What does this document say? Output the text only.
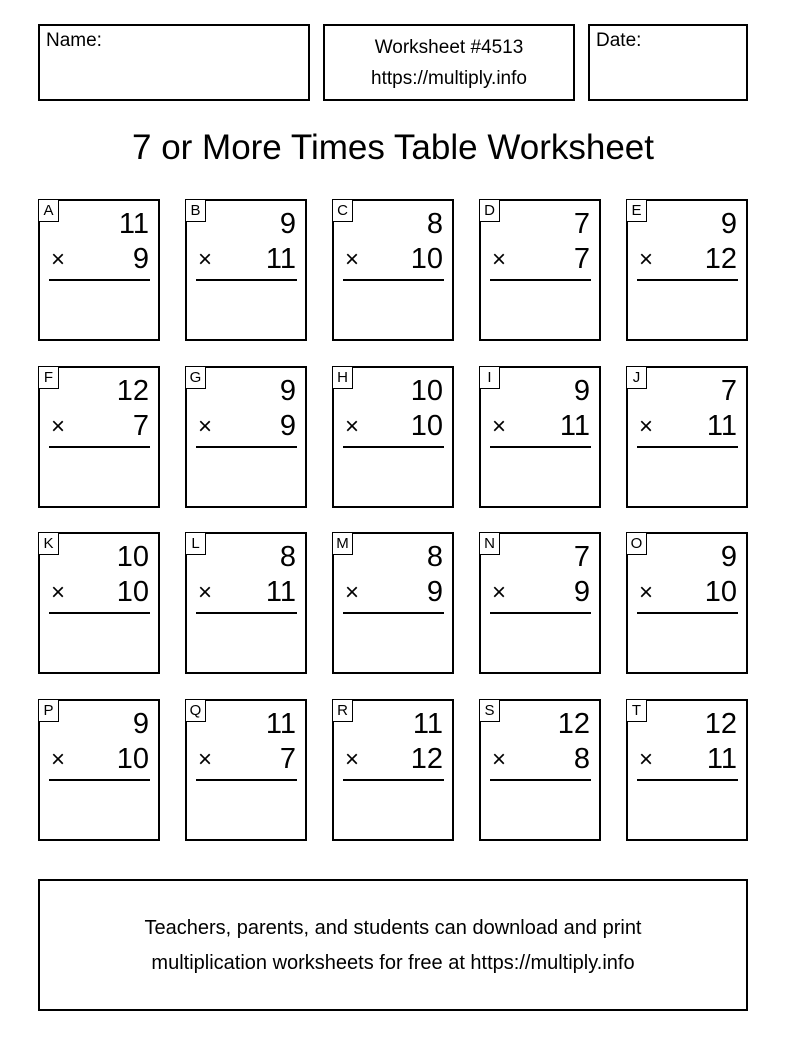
Name:	Worksheet #4513
https://multiply.info
Date:
7 or More Times Table Worksheet
A 11
× 9
B	9
× 11
C	8
× 10
D	7
× 7
E	9
× 12
F 12
× 7
G	9
× 9
H 10
× 10
I	9
× 11
J	7
× 11
K 10
× 10
L	8
× 11
M	8
× 9
N	7
× 9
O	9
× 10
P	9
× 10
Q 11
× 7
R 11
× 12
S 12
× 8
T 12
× 11
Teachers, parents, and students can download and print
multiplication worksheets for free at https://multiply.info
